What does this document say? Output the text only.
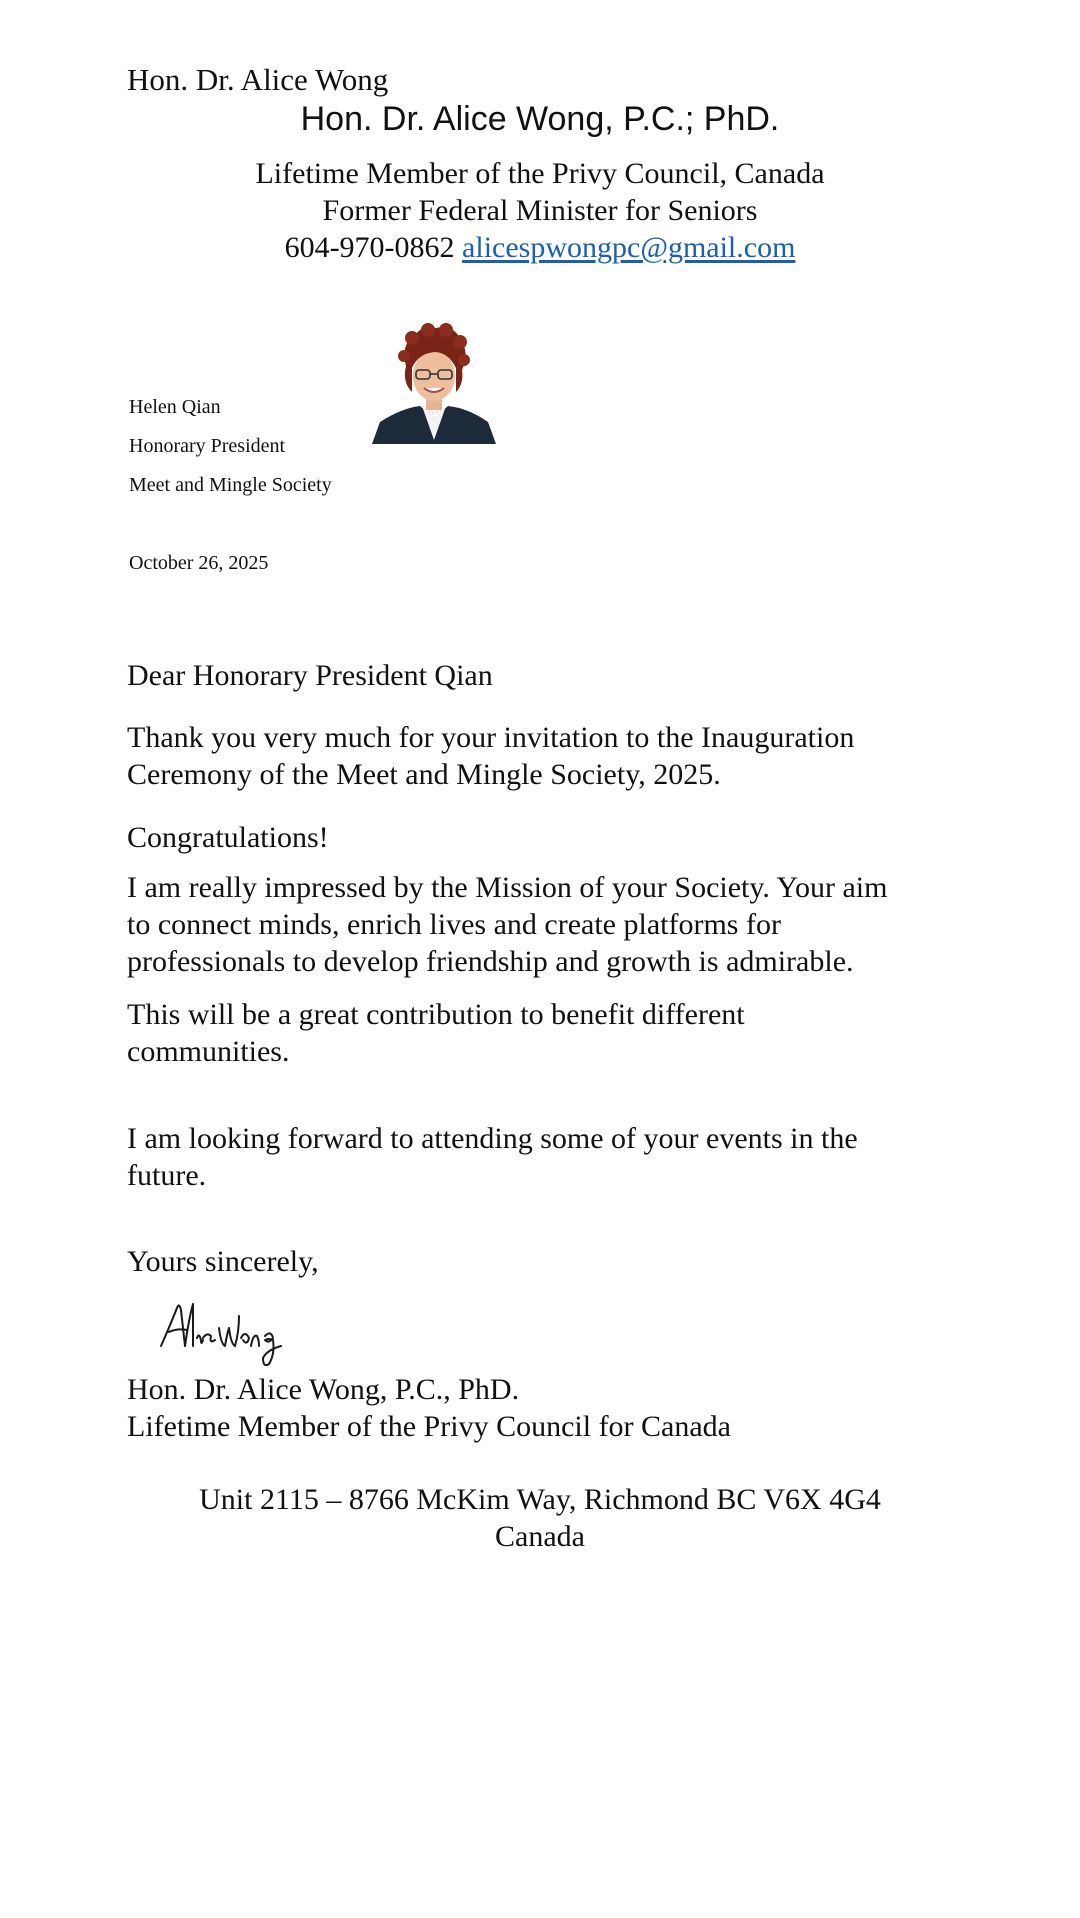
Hon. Dr. Alice Wong
Hon. Dr. Alice Wong, P.C.; PhD.
Lifetime Member of the Privy Council, Canada
Former Federal Minister for Seniors
604-970-0862 alicespwongpc@gmail.com
Helen Qian
Honorary President
Meet and Mingle Society
October 26, 2025
Dear Honorary President Qian
Thank you very much for your invitation to the Inauguration
Ceremony of the Meet and Mingle Society, 2025.
Congratulations!
I am really impressed by the Mission of your Society. Your aim
to connect minds, enrich lives and create platforms for
professionals to develop friendship and growth is admirable.
This will be a great contribution to benefit different
communities.
I am looking forward to attending some of your events in the
future.
Yours sincerely,
Hon. Dr. Alice Wong, P.C., PhD.
Lifetime Member of the Privy Council for Canada
Unit 2115 – 8766 McKim Way, Richmond BC V6X 4G4
Canada
